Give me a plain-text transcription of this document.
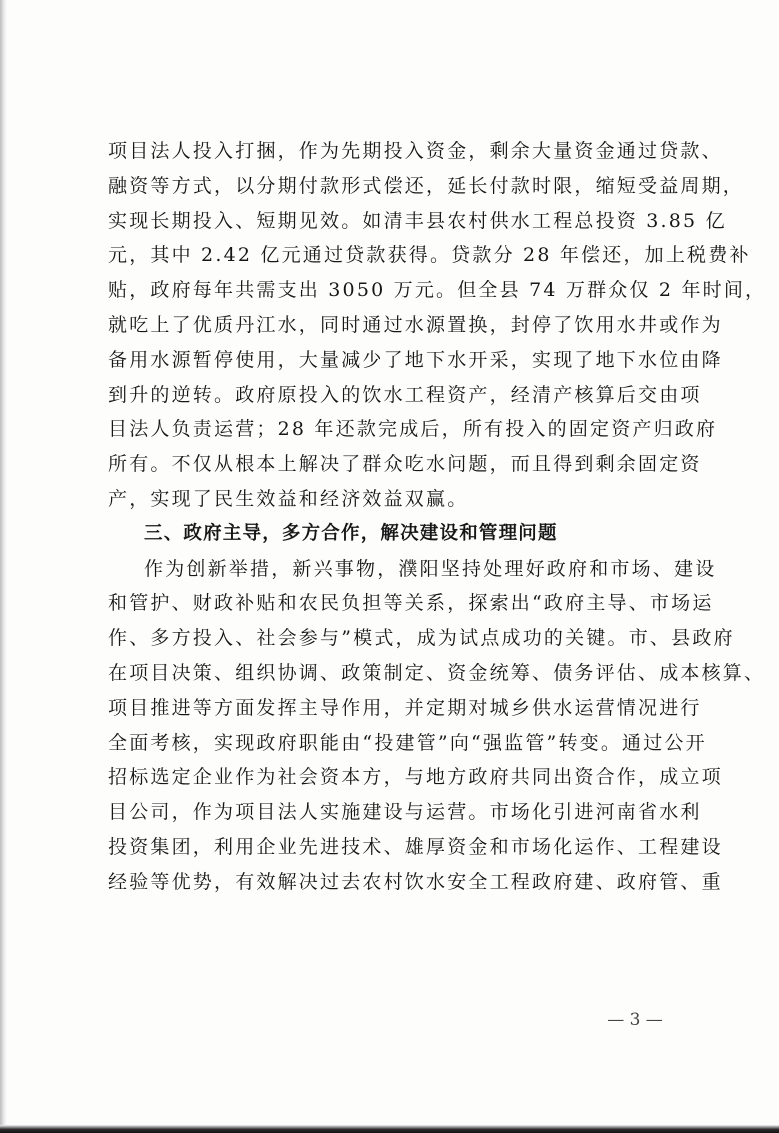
项目法人投入打捆，作为先期投入资金，剩余大量资金通过贷款、
融资等方式，以分期付款形式偿还，延长付款时限，缩短受益周期，
实现长期投入、短期见效。如清丰县农村供水工程总投资 3.85 亿
元，其中 2.42 亿元通过贷款获得。贷款分 28 年偿还，加上税费补
贴，政府每年共需支出 3050 万元。但全县 74 万群众仅 2 年时间，
就吃上了优质丹江水，同时通过水源置换，封停了饮用水井或作为
备用水源暂停使用，大量减少了地下水开采，实现了地下水位由降
到升的逆转。政府原投入的饮水工程资产，经清产核算后交由项
目法人负责运营；28 年还款完成后，所有投入的固定资产归政府
所有。不仅从根本上解决了群众吃水问题，而且得到剩余固定资
产，实现了民生效益和经济效益双赢。
三、政府主导，多方合作，解决建设和管理问题
作为创新举措，新兴事物，濮阳坚持处理好政府和市场、建设
和管护、财政补贴和农民负担等关系，探索出“政府主导、市场运
作、多方投入、社会参与”模式，成为试点成功的关键。市、县政府
在项目决策、组织协调、政策制定、资金统筹、债务评估、成本核算、
项目推进等方面发挥主导作用，并定期对城乡供水运营情况进行
全面考核，实现政府职能由“投建管”向“强监管”转变。通过公开
招标选定企业作为社会资本方，与地方政府共同出资合作，成立项
目公司，作为项目法人实施建设与运营。市场化引进河南省水利
投资集团，利用企业先进技术、雄厚资金和市场化运作、工程建设
经验等优势，有效解决过去农村饮水安全工程政府建、政府管、重
— 3 —
